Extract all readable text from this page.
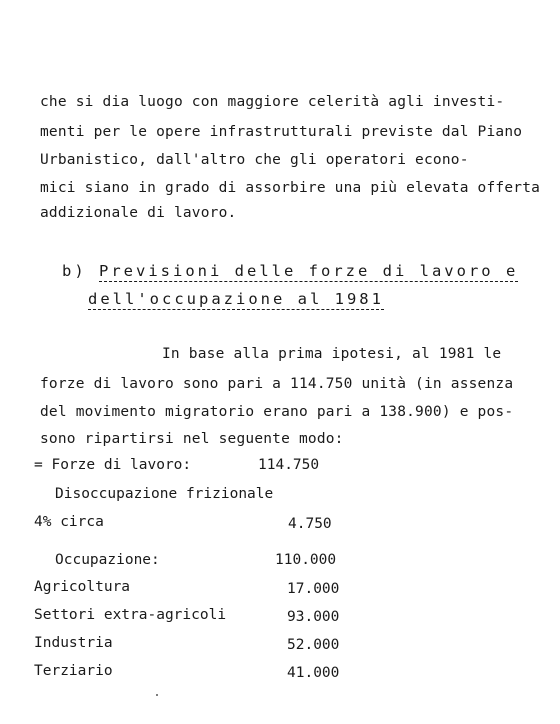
che si dia luogo con maggiore celerità agli investi-
menti per le opere infrastrutturali previste dal Piano
Urbanistico, dall'altro che gli operatori econo-
mici siano in grado di assorbire una più elevata offerta
addizionale di lavoro.
b) Previsioni delle forze di lavoro e
dell'occupazione al 1981
In base alla prima ipotesi, al 1981 le
forze di lavoro sono pari a 114.750 unità (in assenza
del movimento migratorio erano pari a 138.900) e pos-
sono ripartirsi nel seguente modo:
= Forze di lavoro:	114.750
Disoccupazione frizionale
4% circa	4.750
Occupazione:	110.000
Agricoltura	17.000
Settori extra-agricoli	93.000
Industria	52.000
Terziario	41.000
